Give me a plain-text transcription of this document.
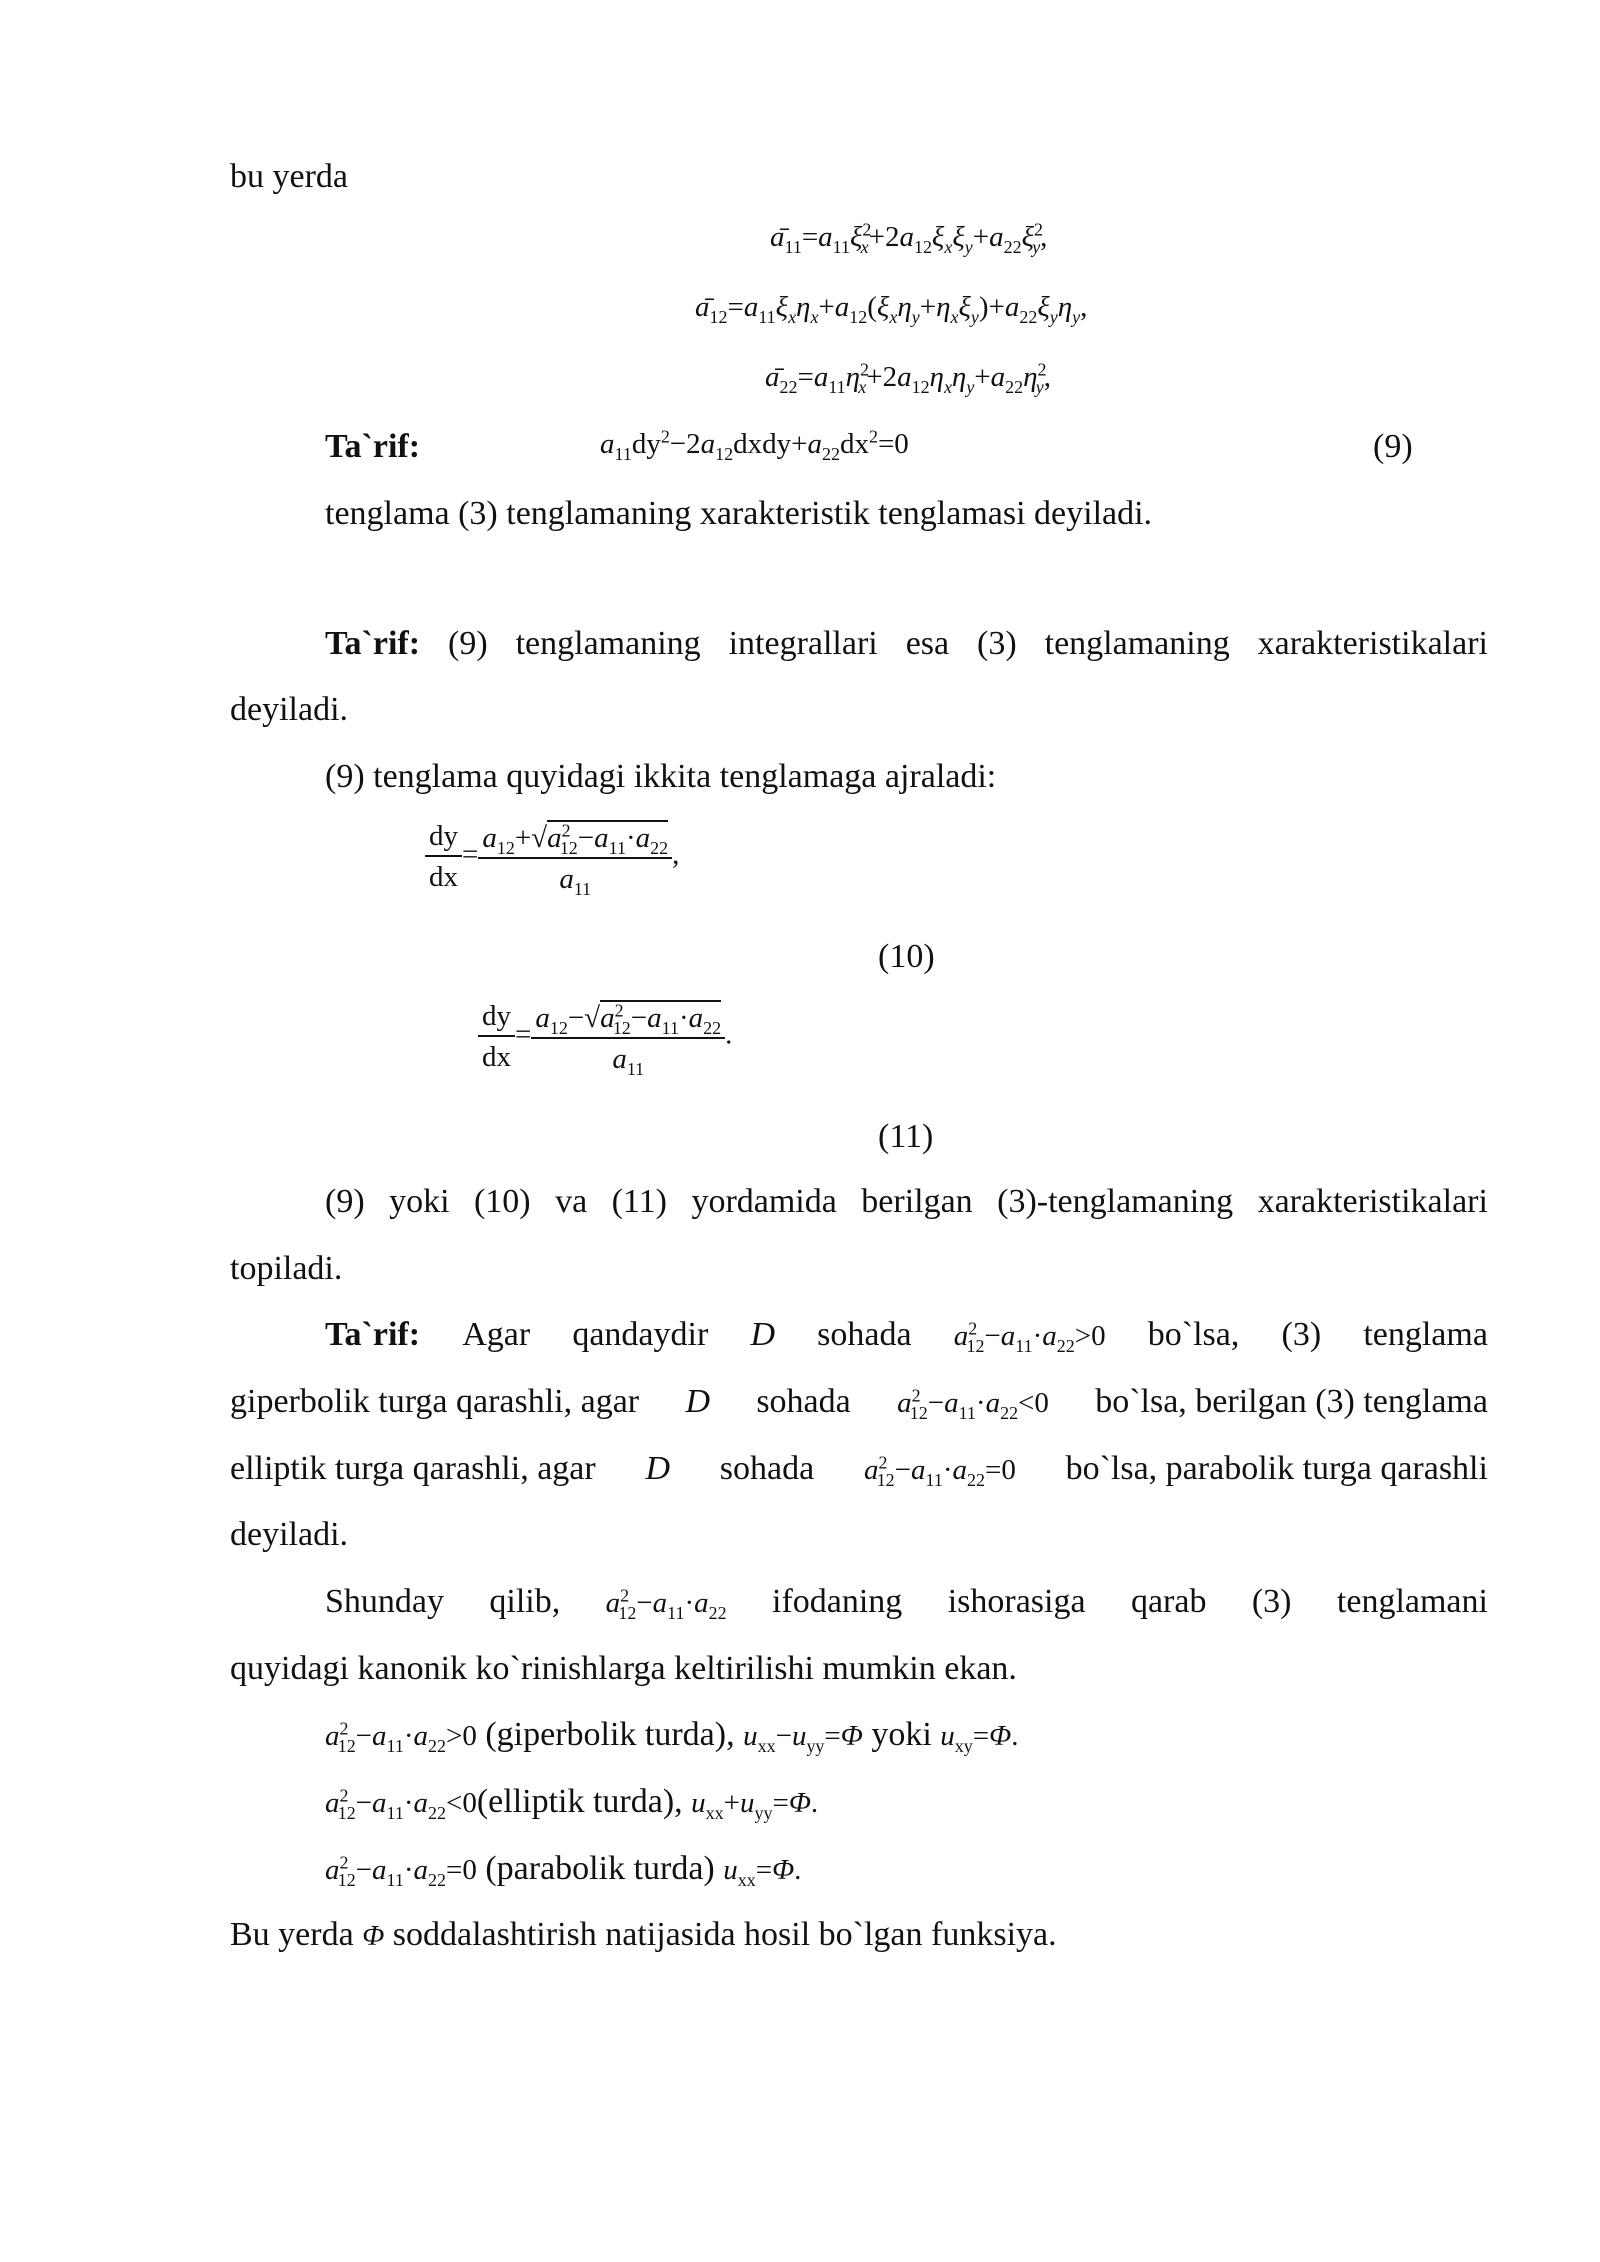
bu yerda
$a_{11}=a_{11}\xi^2_x+2a_{12}\xi_x\xi_y+a_{22}\xi^2_y$,
$a_{12}=a_{11}\xi_x\eta_x+a_{12}(\xi_x\eta_y+\eta_x\xi_y)+a_{22}\xi_y\eta_y$,
$a_{22}=a_{11}\eta^2_x+2a_{12}\eta_x\eta_y+a_{22}\eta^2_y$,
Ta`rif:	$a_{11}dy^2-2a_{12}dxdy+a_{22}dx^2=0$	(9)
tenglama (3) tenglamaning xarakteristik tenglamasi deyiladi.
Ta`rif: (9) tenglamaning integrallari esa (3) tenglamaning xarakteristikalari
deyiladi.
(9) tenglama quyidagi ikkita tenglamaga ajraladi:
$\frac{dy}{dx} = \frac{a_{12}+√a^2_{12}-a_{11}\cdot a_{22}}{a_{11}}$ ,
(10)
$\frac{dy}{dx} = \frac{a_{12}-√a^2_{12}-a_{11}\cdot a_{22}}{a_{11}}$ .
(11)
(9) yoki (10) va (11) yordamida berilgan (3)-tenglamaning xarakteristikalari
topiladi.
Ta`rif: Agar qandaydir D sohada $a^2_{12}-a_{11}\cdot a_{22}>0$ bo`lsa, (3) tenglama
giperbolik turga qarashli, agar D sohada $a^2_{12}-a_{11}\cdot a_{22}<0$ bo`lsa, berilgan (3) tenglama
elliptik turga qarashli, agar D sohada $a^2_{12}-a_{11}\cdot a_{22}=0$ bo`lsa, parabolik turga qarashli
deyiladi.
Shunday qilib, $a^2_{12}-a_{11}\cdot a_{22}$ ifodaning ishorasiga qarab (3) tenglamani
quyidagi kanonik ko`rinishlarga keltirilishi mumkin ekan.
$a^2_{12}-a_{11}\cdot a_{22}>0$ (giperbolik turda), $u_{xx}-u_{yy}=\Phi$ yoki $u_{xy}=\Phi$.
$a^2_{12}-a_{11}\cdot a_{22}<0(elliptik$ turda), $u_{xx}+u_{yy}=\Phi$.
$a^2_{12}-a_{11}\cdot a_{22}=0$ (parabolik turda) $u_{xx}=\Phi$.
Bu yerda Φ soddalashtirish natijasida hosil bo`lgan funksiya.
